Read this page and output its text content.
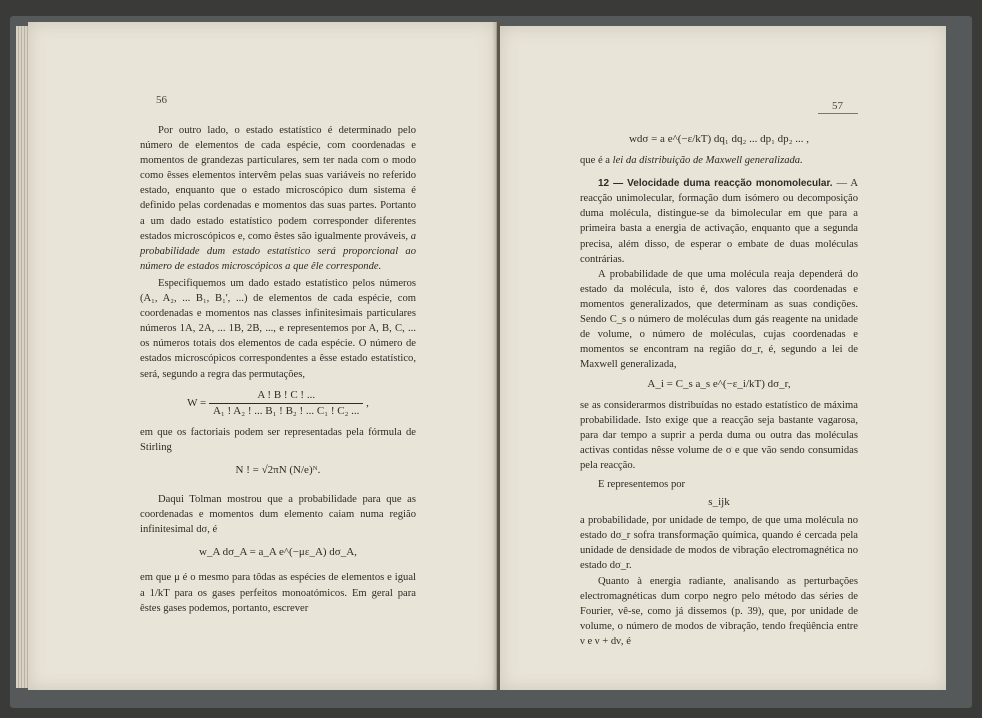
56

Por outro lado, o estado estatístico é determinado pelo número de elementos de cada espécie, com coordenadas e momentos de grandezas particulares, sem ter nada com o modo como êsses elementos intervêm pelas suas variáveis no referido estado, enquanto que o estado microscópico dum sistema é definido pelas cordenadas e momentos das suas partes. Portanto a um dado estado estatístico podem corresponder diferentes estados microscópicos e, como êstes são igualmente prováveis, a probabilidade dum estado estatístico será proporcional ao número de estados microscópicos a que êle corresponde.

Especifiquemos um dado estado estatístico pelos números (A₁, A₂, ... B₁, B₁', ...) de elementos de cada espécie, com coordenadas e momentos nas classes infinitesimais particulares números 1A, 2A, ... 1B, 2B, ..., e representemos por A, B, C, ... os números totais dos elementos de cada espécie. O número de estados microscópicos correspondentes a êsse estado estatístico, será, segundo a regra das permutações,

$W = \frac{A ! B ! C ! ...}{\text{A₁ ! A₂ ! ... B₁ ! B₂ ! ... C₁ ! C₂ ...}}$ ,

em que os factoriais podem ser representadas pela fórmula de Stirling

N ! = √2πN (N/e)ᴺ.

Daqui Tolman mostrou que a probabilidade para que as coordenadas e momentos dum elemento caiam numa região infinitesimal dσ, é

w_A dσ_A = a_A e^(−με_A) dσ_A,

em que μ é o mesmo para tôdas as espécies de elementos e igual a 1/kT para os gases perfeitos monoatómicos. Em geral para êstes gases podemos, portanto, escrever

57
wdσ = a e^(−ε/kT) dq₁ dq₂ ... dp₁ dp₂ ... ,

que é a lei da distribuição de Maxwell generalizada.

12 — Velocidade duma reacção monomolecular. — A reacção unimolecular, formação dum isómero ou decomposição duma molécula, distingue-se da bimolecular em que para a primeira basta a energia de activação, enquanto que a segunda precisa, além disso, de esperar o embate de duas moléculas contrárias.

A probabilidade de que uma molécula reaja dependerá do estado da molécula, isto é, dos valores das coordenadas e momentos generalizados, que determinam as suas condições. Sendo C_s o número de moléculas dum gás reagente na unidade de volume, o número de moléculas, cujas coordenadas e momentos se encontram na região dσ_r, é, segundo a lei de Maxwell generalizada,

A_i = C_s a_s e^(−ε_i/kT) dσ_r,

se as considerarmos distribuídas no estado estatístico de máxima probabilidade. Isto exige que a reacção seja bastante vagarosa, para dar tempo a suprir a perda duma ou outra das moléculas activas contidas nêsse volume de σ e que vão sendo consumidas pela reacção.

E representemos por

s_ijk

a probabilidade, por unidade de tempo, de que uma molécula no estado dσ_r sofra transformação química, quando é cercada pela unidade de densidade de modos de vibração electromagnética no estado dσ_r.

Quanto à energia radiante, analisando as perturbações electromagnéticas dum corpo negro pelo método das séries de Fourier, vê-se, como já dissemos (p. 39), que, por unidade de volume, o número de modos de vibração, tendo freqüência entre ν e ν + dν, é
